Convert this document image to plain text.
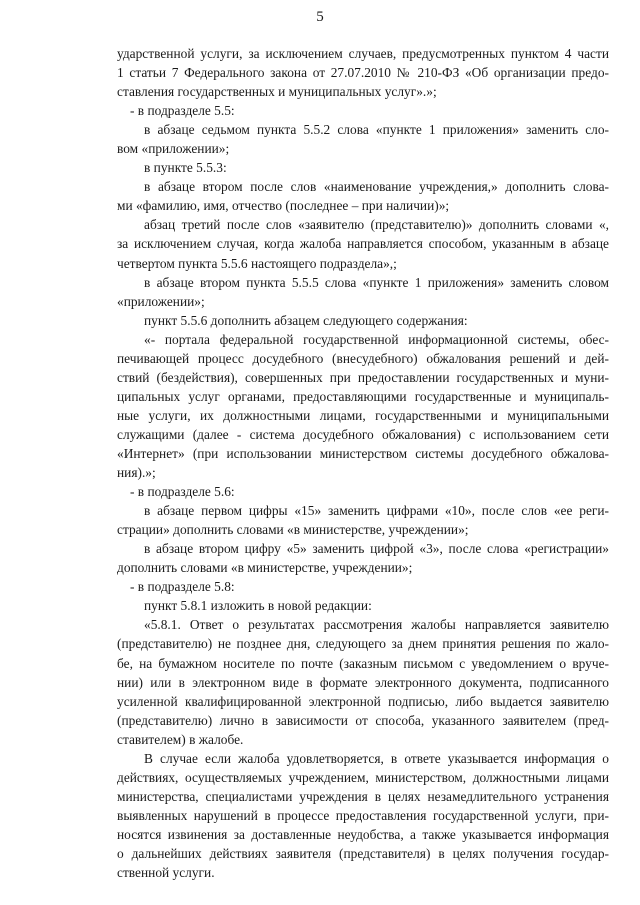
5
ударственной услуги, за исключением случаев, предусмотренных пунктом 4 части
1 статьи 7 Федерального закона от 27.07.2010 № 210-ФЗ «Об организации предо-
ставления государственных и муниципальных услуг».»;
- в подразделе 5.5:
в абзаце седьмом пункта 5.5.2 слова «пункте 1 приложения» заменить сло-
вом «приложении»;
в пункте 5.5.3:
в абзаце втором после слов «наименование учреждения,» дополнить слова-
ми «фамилию, имя, отчество (последнее – при наличии)»;
абзац третий после слов «заявителю (представителю)» дополнить словами «,
за исключением случая, когда жалоба направляется способом, указанным в абзаце
четвертом пункта 5.5.6 настоящего подраздела»,;
в абзаце втором пункта 5.5.5 слова «пункте 1 приложения» заменить словом
«приложении»;
пункт 5.5.6 дополнить абзацем следующего содержания:
«- портала федеральной государственной информационной системы, обес-
печивающей процесс досудебного (внесудебного) обжалования решений и дей-
ствий (бездействия), совершенных при предоставлении государственных и муни-
ципальных услуг органами, предоставляющими государственные и муниципаль-
ные услуги, их должностными лицами, государственными и муниципальными
служащими (далее - система досудебного обжалования) с использованием сети
«Интернет» (при использовании министерством системы досудебного обжалова-
ния).»;
- в подразделе 5.6:
в абзаце первом цифры «15» заменить цифрами «10», после слов «ее реги-
страции» дополнить словами «в министерстве, учреждении»;
в абзаце втором цифру «5» заменить цифрой «3», после слова «регистрации»
дополнить словами «в министерстве, учреждении»;
- в подразделе 5.8:
пункт 5.8.1 изложить в новой редакции:
«5.8.1. Ответ о результатах рассмотрения жалобы направляется заявителю
(представителю) не позднее дня, следующего за днем принятия решения по жало-
бе, на бумажном носителе по почте (заказным письмом с уведомлением о вруче-
нии) или в электронном виде в формате электронного документа, подписанного
усиленной квалифицированной электронной подписью, либо выдается заявителю
(представителю) лично в зависимости от способа, указанного заявителем (пред-
ставителем) в жалобе.
В случае если жалоба удовлетворяется, в ответе указывается информация о
действиях, осуществляемых учреждением, министерством, должностными лицами
министерства, специалистами учреждения в целях незамедлительного устранения
выявленных нарушений в процессе предоставления государственной услуги, при-
носятся извинения за доставленные неудобства, а также указывается информация
о дальнейших действиях заявителя (представителя) в целях получения государ-
ственной услуги.
